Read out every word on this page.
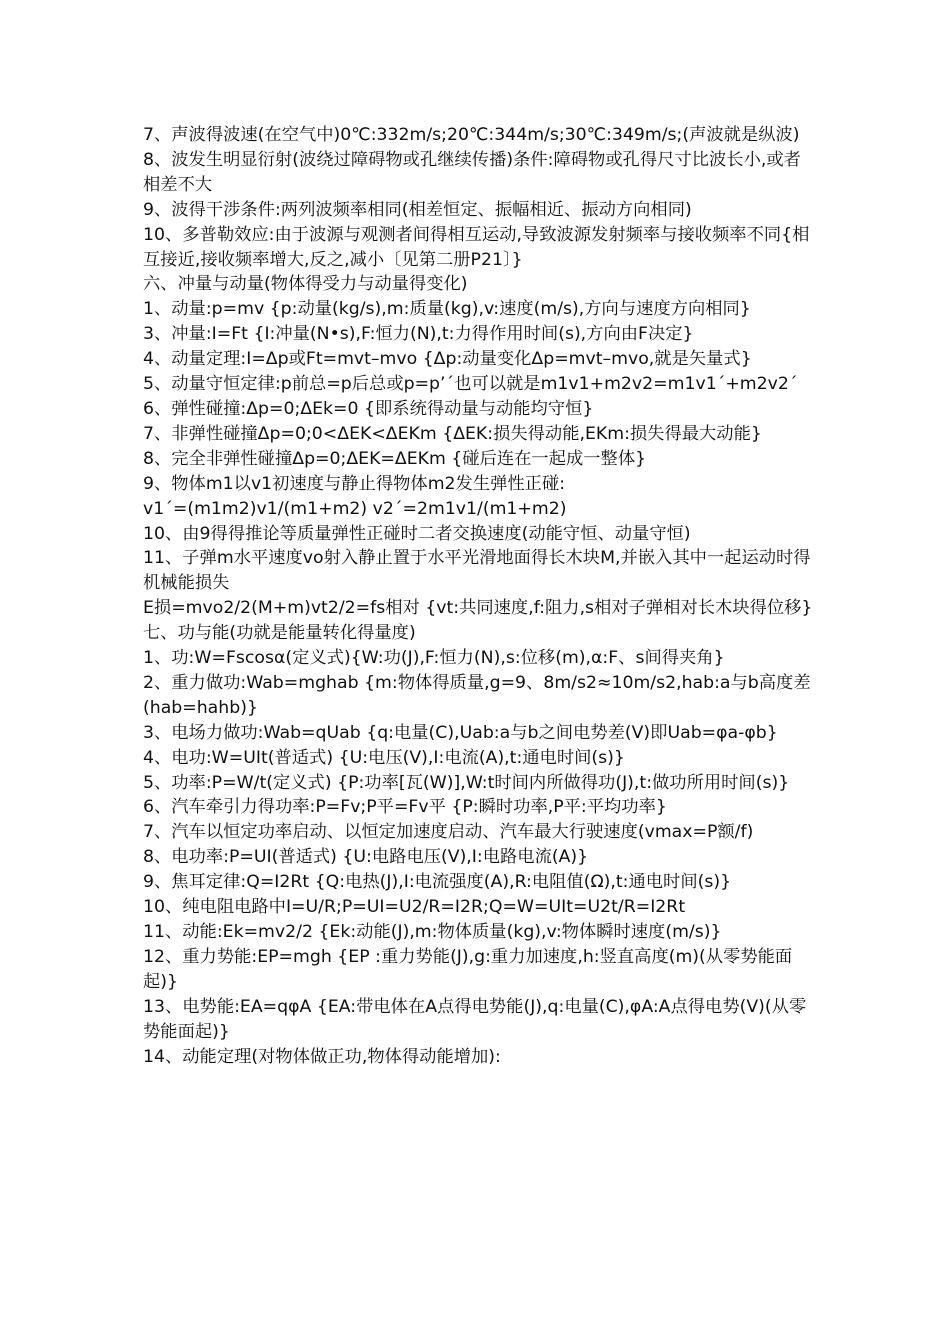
7、声波得波速(在空气中)0℃:332m/s;20℃:344m/s;30℃:349m/s;(声波就是纵波)
8、波发生明显衍射(波绕过障碍物或孔继续传播)条件:障碍物或孔得尺寸比波长小,或者相差不大
9、波得干涉条件:两列波频率相同(相差恒定、振幅相近、振动方向相同)
10、多普勒效应:由于波源与观测者间得相互运动,导致波源发射频率与接收频率不同{相互接近,接收频率增大,反之,减小〔见第二册P21〕}
六、冲量与动量(物体得受力与动量得变化)
1、动量:p=mv {p:动量(kg/s),m:质量(kg),v:速度(m/s),方向与速度方向相同}
3、冲量:I=Ft {I:冲量(N•s),F:恒力(N),t:力得作用时间(s),方向由F决定}
4、动量定理:I=Δp或Ft=mvt–mvo {Δp:动量变化Δp=mvt–mvo,就是矢量式}
5、动量守恒定律:p前总=p后总或p=p’´也可以就是m1v1+m2v2=m1v1´+m2v2´
6、弹性碰撞:Δp=0;ΔEk=0 {即系统得动量与动能均守恒}
7、非弹性碰撞Δp=0;0<ΔEK<ΔEKm {ΔEK:损失得动能,EKm:损失得最大动能}
8、完全非弹性碰撞Δp=0;ΔEK=ΔEKm {碰后连在一起成一整体}
9、物体m1以v1初速度与静止得物体m2发生弹性正碰:
v1´=(m1m2)v1/(m1+m2) v2´=2m1v1/(m1+m2)
10、由9得得推论等质量弹性正碰时二者交换速度(动能守恒、动量守恒)
11、子弹m水平速度vo射入静止置于水平光滑地面得长木块M,并嵌入其中一起运动时得机械能损失
E损=mvo2/2(M+m)vt2/2=fs相对 {vt:共同速度,f:阻力,s相对子弹相对长木块得位移}
七、功与能(功就是能量转化得量度)
1、功:W=Fscosα(定义式){W:功(J),F:恒力(N),s:位移(m),α:F、s间得夹角}
2、重力做功:Wab=mghab {m:物体得质量,g=9、8m/s2≈10m/s2,hab:a与b高度差(hab=hahb)}
3、电场力做功:Wab=qUab {q:电量(C),Uab:a与b之间电势差(V)即Uab=φa-φb}
4、电功:W=UIt(普适式) {U:电压(V),I:电流(A),t:通电时间(s)}
5、功率:P=W/t(定义式) {P:功率[瓦(W)],W:t时间内所做得功(J),t:做功所用时间(s)}
6、汽车牵引力得功率:P=Fv;P平=Fv平 {P:瞬时功率,P平:平均功率}
7、汽车以恒定功率启动、以恒定加速度启动、汽车最大行驶速度(vmax=P额/f)
8、电功率:P=UI(普适式) {U:电路电压(V),I:电路电流(A)}
9、焦耳定律:Q=I2Rt {Q:电热(J),I:电流强度(A),R:电阻值(Ω),t:通电时间(s)}
10、纯电阻电路中I=U/R;P=UI=U2/R=I2R;Q=W=UIt=U2t/R=I2Rt
11、动能:Ek=mv2/2 {Ek:动能(J),m:物体质量(kg),v:物体瞬时速度(m/s)}
12、重力势能:EP=mgh {EP :重力势能(J),g:重力加速度,h:竖直高度(m)(从零势能面起)}
13、电势能:EA=qφA {EA:带电体在A点得电势能(J),q:电量(C),φA:A点得电势(V)(从零势能面起)}
14、动能定理(对物体做正功,物体得动能增加):
